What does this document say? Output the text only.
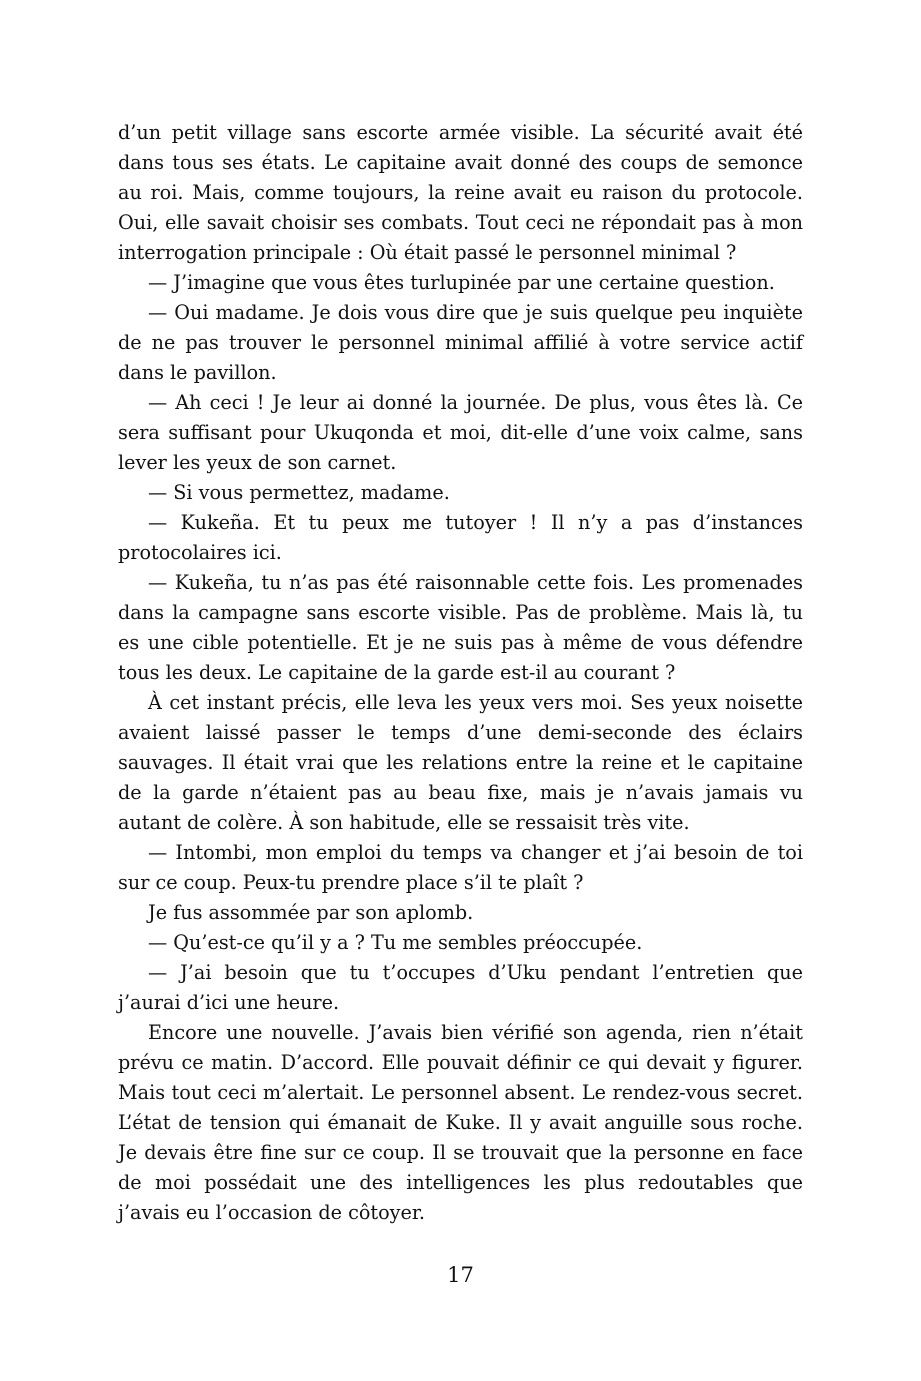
d’un petit village sans escorte armée visible. La sécurité avait été dans tous ses états. Le capitaine avait donné des coups de semonce au roi. Mais, comme toujours, la reine avait eu raison du protocole. Oui, elle savait choisir ses combats. Tout ceci ne répondait pas à mon interrogation principale : Où était passé le personnel minimal ?

— J’imagine que vous êtes turlupinée par une certaine question.

— Oui madame. Je dois vous dire que je suis quelque peu inquiète de ne pas trouver le personnel minimal affilié à votre service actif dans le pavillon.

— Ah ceci ! Je leur ai donné la journée. De plus, vous êtes là. Ce sera suffisant pour Ukuqonda et moi, dit-elle d’une voix calme, sans lever les yeux de son carnet.

— Si vous permettez, madame.

— Kukeña. Et tu peux me tutoyer ! Il n’y a pas d’instances protocolaires ici.

— Kukeña, tu n’as pas été raisonnable cette fois. Les promenades dans la campagne sans escorte visible. Pas de problème. Mais là, tu es une cible potentielle. Et je ne suis pas à même de vous défendre tous les deux. Le capitaine de la garde est-il au courant ?

À cet instant précis, elle leva les yeux vers moi. Ses yeux noisette avaient laissé passer le temps d’une demi-seconde des éclairs sauvages. Il était vrai que les relations entre la reine et le capitaine de la garde n’étaient pas au beau fixe, mais je n’avais jamais vu autant de colère. À son habitude, elle se ressaisit très vite.

— Intombi, mon emploi du temps va changer et j’ai besoin de toi sur ce coup. Peux-tu prendre place s’il te plaît ?

Je fus assommée par son aplomb.

— Qu’est-ce qu’il y a ? Tu me sembles préoccupée.

— J’ai besoin que tu t’occupes d’Uku pendant l’entretien que j’aurai d’ici une heure.

Encore une nouvelle. J’avais bien vérifié son agenda, rien n’était prévu ce matin. D’accord. Elle pouvait définir ce qui devait y figurer. Mais tout ceci m’alertait. Le personnel absent. Le rendez-vous secret. L’état de tension qui émanait de Kuke. Il y avait anguille sous roche. Je devais être fine sur ce coup. Il se trouvait que la personne en face de moi possédait une des intelligences les plus redoutables que j’avais eu l’occasion de côtoyer.

17
